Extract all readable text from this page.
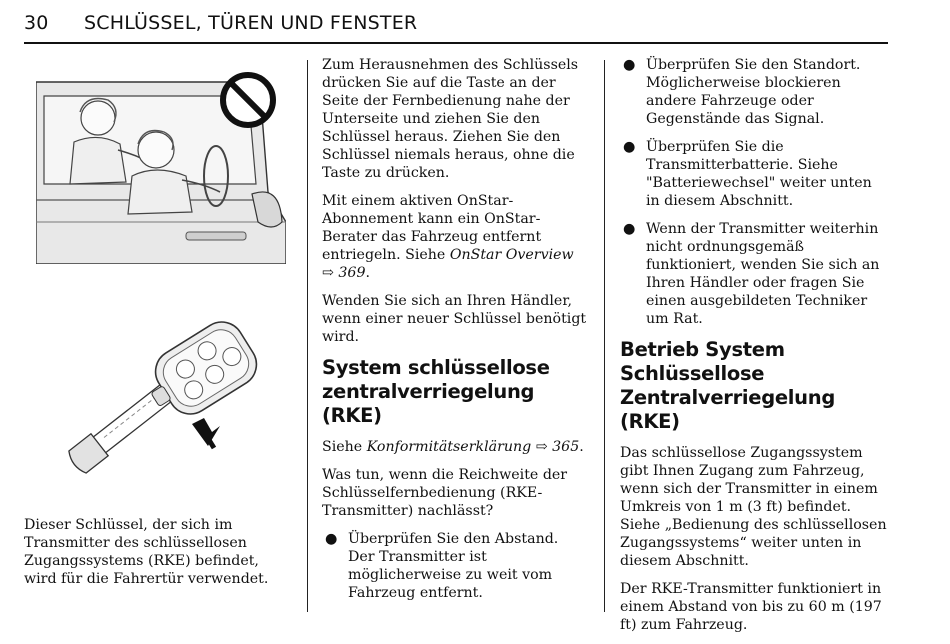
30 SCHLÜSSEL, TÜREN UND FENSTER

Dieser Schlüssel, der sich im Transmitter des schlüssellosen Zugangssystems (RKE) befindet, wird für die Fahrertür verwendet.

Zum Herausnehmen des Schlüssels drücken Sie auf die Taste an der Seite der Fernbedienung nahe der Unterseite und ziehen Sie den Schlüssel heraus. Ziehen Sie den Schlüssel niemals heraus, ohne die Taste zu drücken.

Mit einem aktiven OnStar-Abonnement kann ein OnStar-Berater das Fahrzeug entfernt entriegeln. Siehe OnStar Overview ⇨ 369.

Wenden Sie sich an Ihren Händler, wenn einer neuer Schlüssel benötigt wird.

System schlüssellose zentralverriegelung (RKE)

Siehe Konformitätserklärung ⇨ 365.

Was tun, wenn die Reichweite der Schlüsselfernbedienung (RKE-Transmitter) nachlässt?

● Überprüfen Sie den Abstand. Der Transmitter ist möglicherweise zu weit vom Fahrzeug entfernt.
● Überprüfen Sie den Standort. Möglicherweise blockieren andere Fahrzeuge oder Gegenstände das Signal.
● Überprüfen Sie die Transmitterbatterie. Siehe "Batteriewechsel" weiter unten in diesem Abschnitt.
● Wenn der Transmitter weiterhin nicht ordnungsgemäß funktioniert, wenden Sie sich an Ihren Händler oder fragen Sie einen ausgebildeten Techniker um Rat.
Betrieb System Schlüssellose Zentralverriegelung (RKE)

Das schlüssellose Zugangssystem gibt Ihnen Zugang zum Fahrzeug, wenn sich der Transmitter in einem Umkreis von 1 m (3 ft) befindet. Siehe „Bedienung des schlüssellosen Zugangssystems“ weiter unten in diesem Abschnitt.

Der RKE-Transmitter funktioniert in einem Abstand von bis zu 60 m (197 ft) zum Fahrzeug.
